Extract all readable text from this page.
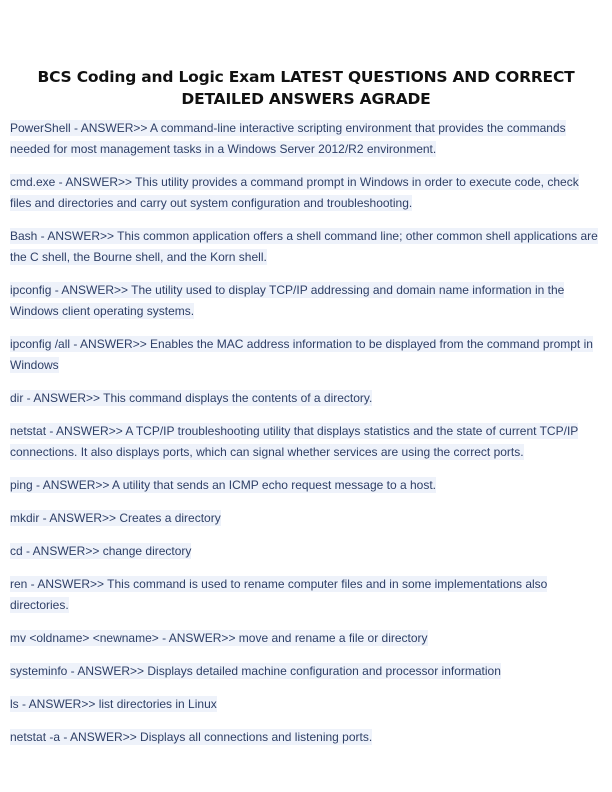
BCS Coding and Logic Exam LATEST QUESTIONS AND CORRECT DETAILED ANSWERS AGRADE
PowerShell - ANSWER>> A command-line interactive scripting environment that provides the commands needed for most management tasks in a Windows Server 2012/R2 environment.
cmd.exe - ANSWER>> This utility provides a command prompt in Windows in order to execute code, check files and directories and carry out system configuration and troubleshooting.
Bash - ANSWER>> This common application offers a shell command line; other common shell applications are the C shell, the Bourne shell, and the Korn shell.
ipconfig - ANSWER>> The utility used to display TCP/IP addressing and domain name information in the Windows client operating systems.
ipconfig /all - ANSWER>> Enables the MAC address information to be displayed from the command prompt in Windows
dir - ANSWER>> This command displays the contents of a directory.
netstat - ANSWER>> A TCP/IP troubleshooting utility that displays statistics and the state of current TCP/IP connections. It also displays ports, which can signal whether services are using the correct ports.
ping - ANSWER>> A utility that sends an ICMP echo request message to a host.
mkdir - ANSWER>> Creates a directory
cd - ANSWER>> change directory
ren - ANSWER>> This command is used to rename computer files and in some implementations also directories.
mv <oldname> <newname> - ANSWER>> move and rename a file or directory
systeminfo - ANSWER>> Displays detailed machine configuration and processor information
ls - ANSWER>> list directories in Linux
netstat -a - ANSWER>> Displays all connections and listening ports.
